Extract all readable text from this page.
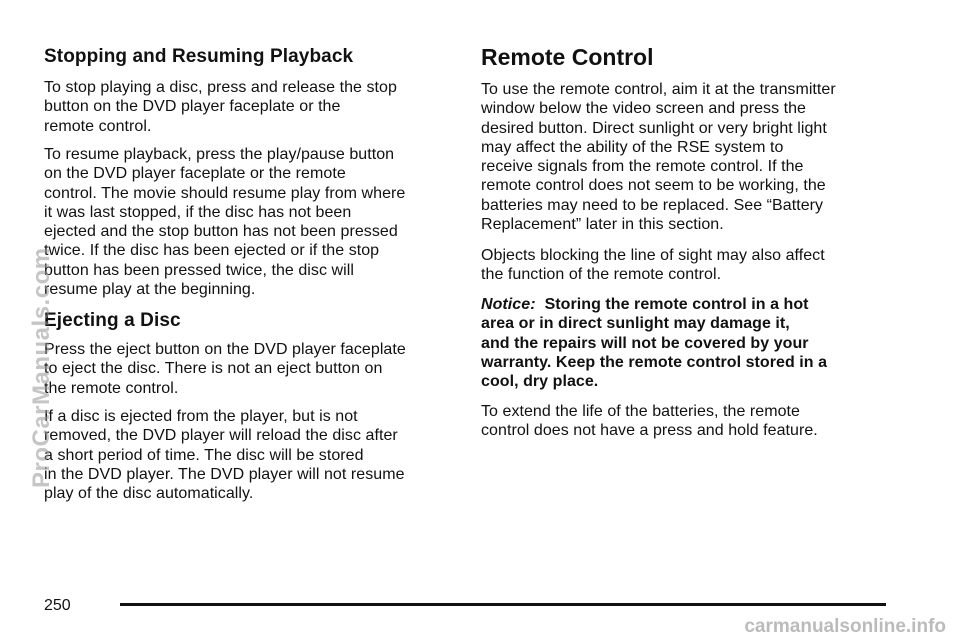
Stopping and Resuming Playback

To stop playing a disc, press and release the stop
button on the DVD player faceplate or the
remote control.

To resume playback, press the play/pause button
on the DVD player faceplate or the remote
control. The movie should resume play from where
it was last stopped, if the disc has not been
ejected and the stop button has not been pressed
twice. If the disc has been ejected or if the stop
button has been pressed twice, the disc will
resume play at the beginning.

Ejecting a Disc

Press the eject button on the DVD player faceplate
to eject the disc. There is not an eject button on
the remote control.

If a disc is ejected from the player, but is not
removed, the DVD player will reload the disc after
a short period of time. The disc will be stored
in the DVD player. The DVD player will not resume
play of the disc automatically.

Remote Control

To use the remote control, aim it at the transmitter
window below the video screen and press the
desired button. Direct sunlight or very bright light
may affect the ability of the RSE system to
receive signals from the remote control. If the
remote control does not seem to be working, the
batteries may need to be replaced. See “Battery
Replacement” later in this section.

Objects blocking the line of sight may also affect
the function of the remote control.

Notice: Storing the remote control in a hot
area or in direct sunlight may damage it,
and the repairs will not be covered by your
warranty. Keep the remote control stored in a
cool, dry place.

To extend the life of the batteries, the remote
control does not have a press and hold feature.

250
ProCarManuals.com
carmanualsonline.info
